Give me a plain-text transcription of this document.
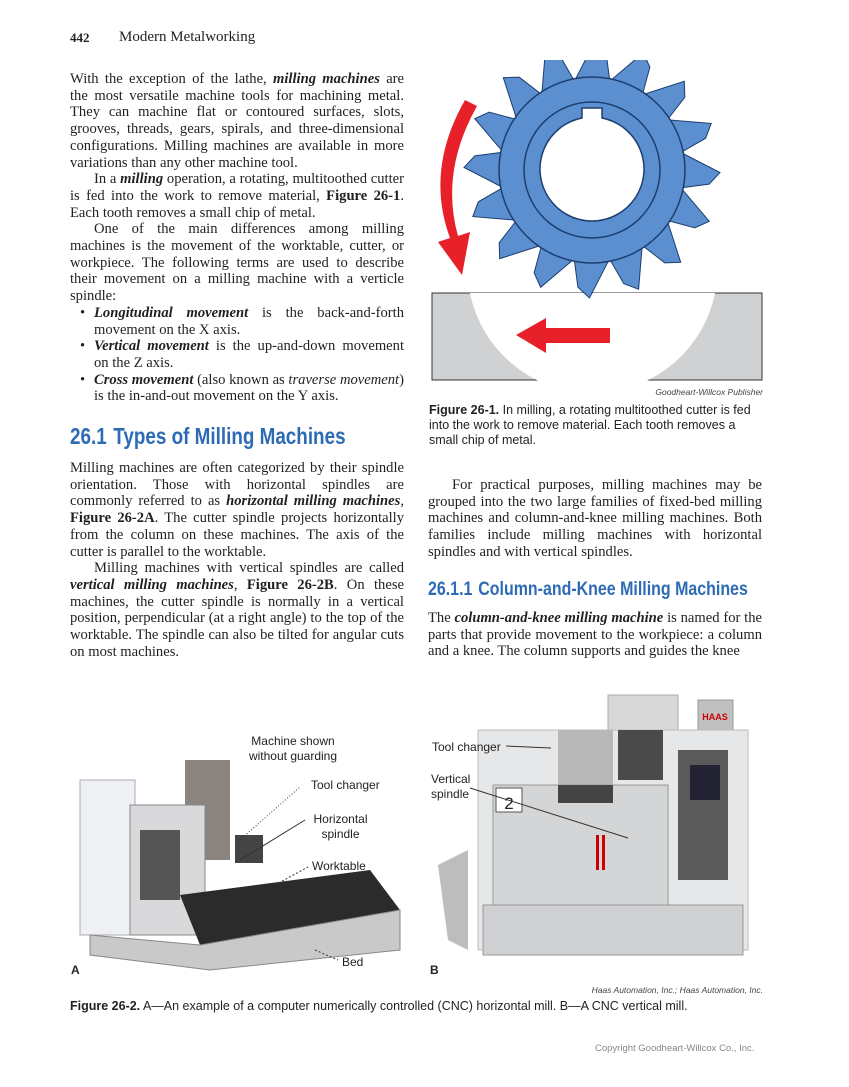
442 Modern Metalworking

With the exception of the lathe, milling machines are the most versatile machine tools for machining metal. They can machine flat or contoured surfaces, slots, grooves, threads, gears, spirals, and three-dimensional configurations. Milling machines are available in more variations than any other machine tool.

In a milling operation, a rotating, multitoothed cutter is fed into the work to remove material, Figure 26-1. Each tooth removes a small chip of metal.

One of the main differences among milling machines is the movement of the worktable, cutter, or workpiece. The following terms are used to describe their movement on a milling machine with a verticle spindle:

• Longitudinal movement is the back-and-forth movement on the X axis.
• Vertical movement is the up-and-down movement on the Z axis.
• Cross movement (also known as traverse movement) is the in-and-out movement on the Y axis.
26.1 Types of Milling Machines

Milling machines are often categorized by their spindle orientation. Those with horizontal spindles are commonly referred to as horizontal milling machines, Figure 26-2A. The cutter spindle projects horizontally from the column on these machines. The axis of the cutter is parallel to the worktable.

Milling machines with vertical spindles are called vertical milling machines, Figure 26-2B. On these machines, the cutter spindle is normally in a vertical position, perpendicular (at a right angle) to the top of the worktable. The spindle can also be tilted for angular cuts on most machines.

Goodheart-Willcox Publisher
Figure 26-1. In milling, a rotating multitoothed cutter is fed into the work to remove material. Each tooth removes a small chip of metal.

For practical purposes, milling machines may be grouped into the two large families of fixed-bed milling machines and column-and-knee milling machines. Both families include milling machines with horizontal spindles and with vertical spindles.

26.1.1 Column-and-Knee Milling Machines

The column-and-knee milling machine is named for the parts that provide movement to the workpiece: a column and a knee. The column supports and guides the knee

Machine shown without guarding
Tool changer
Horizontal spindle
Worktable
Bed
A
HAAS
2
Tool changer
Vertical spindle
B
Haas Automation, Inc.; Haas Automation, Inc.
Figure 26-2. A—An example of a computer numerically controlled (CNC) horizontal mill. B—A CNC vertical mill.
Copyright Goodheart-Willcox Co., Inc.
